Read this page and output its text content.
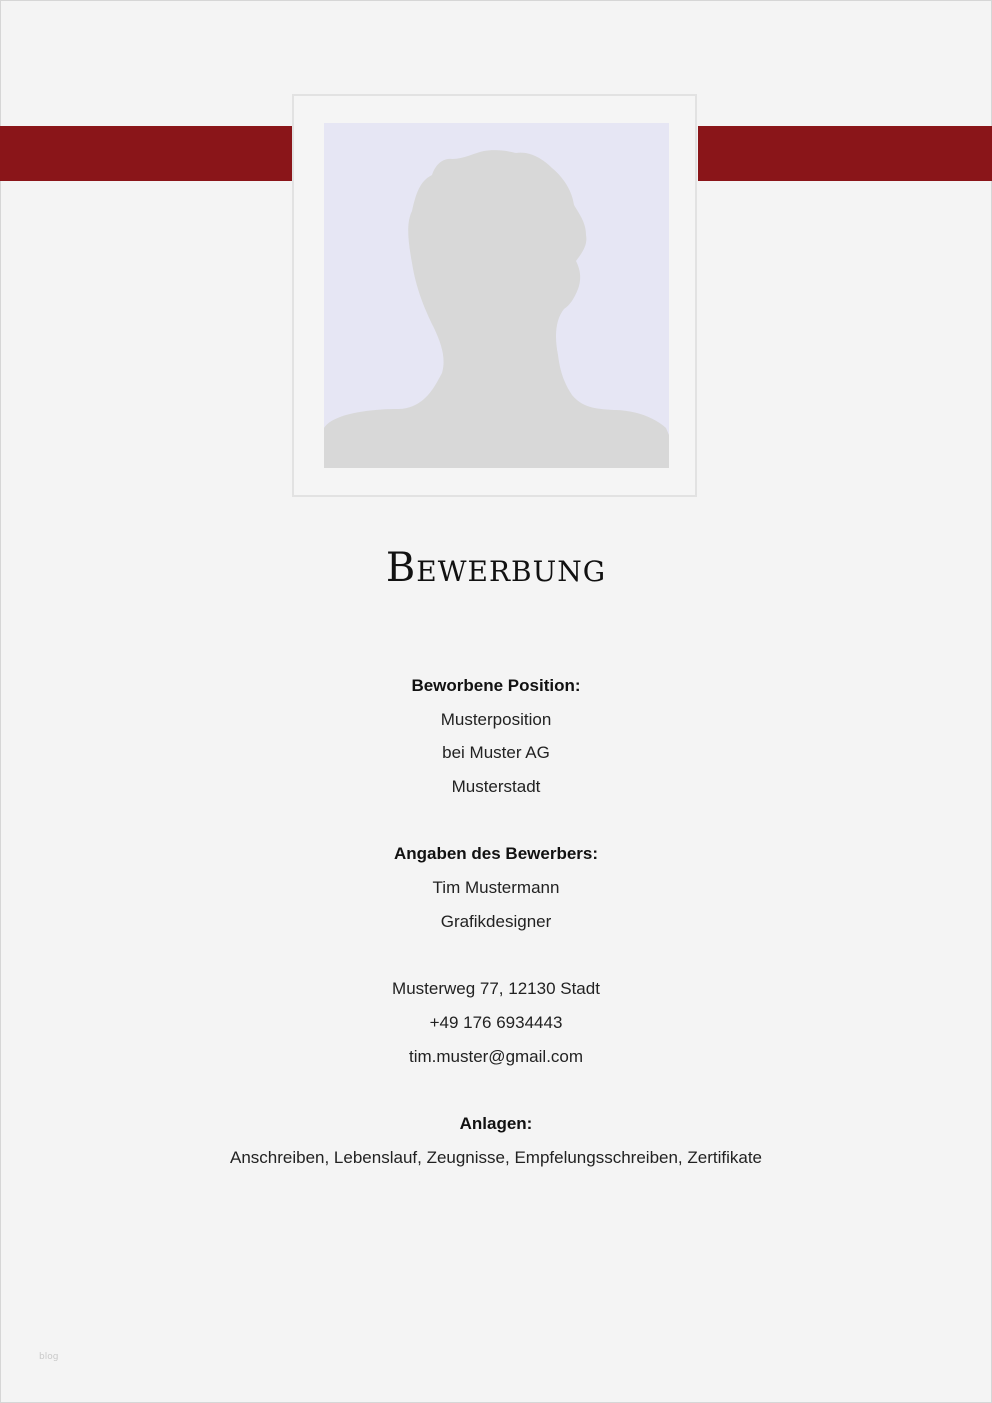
Bewerbung
Beworbene Position:
Musterposition
bei Muster AG
Musterstadt
Angaben des Bewerbers:
Tim Mustermann
Grafikdesigner
Musterweg 77, 12130 Stadt
+49 176 6934443
tim.muster@gmail.com
Anlagen:
Anschreiben, Lebenslauf, Zeugnisse, Empfelungsschreiben, Zertifikate
blog
